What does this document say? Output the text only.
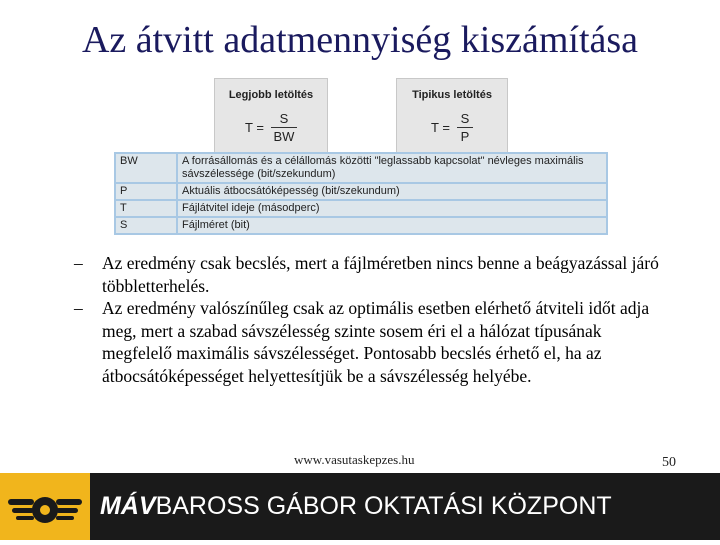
Az átvitt adatmennyiség kiszámítása
Legjobb letöltés
T =
S
BW
Tipikus letöltés
T =
S
P
BW	A forrásállomás és a célállomás közötti "leglassabb kapcsolat" névleges maximális sávszélessége (bit/szekundum)
P	Aktuális átbocsátóképesség (bit/szekundum)
T	Fájlátvitel ideje (másodperc)
S	Fájlméret (bit)
– Az eredmény csak becslés, mert a fájlméretben nincs benne a beágyazással járó többletterhelés.
– Az eredmény valószínűleg csak az optimális esetben elérhető átviteli időt adja meg, mert a szabad sávszélesség szinte sosem éri el a hálózat típusának megfelelő maximális sávszélességet. Pontosabb becslés érhető el, ha az átbocsátóképességet helyettesítjük be a sávszélesség helyébe.
www.vasutaskepzes.hu	50
MÁVBAROSS GÁBOR OKTATÁSI KÖZPONT
